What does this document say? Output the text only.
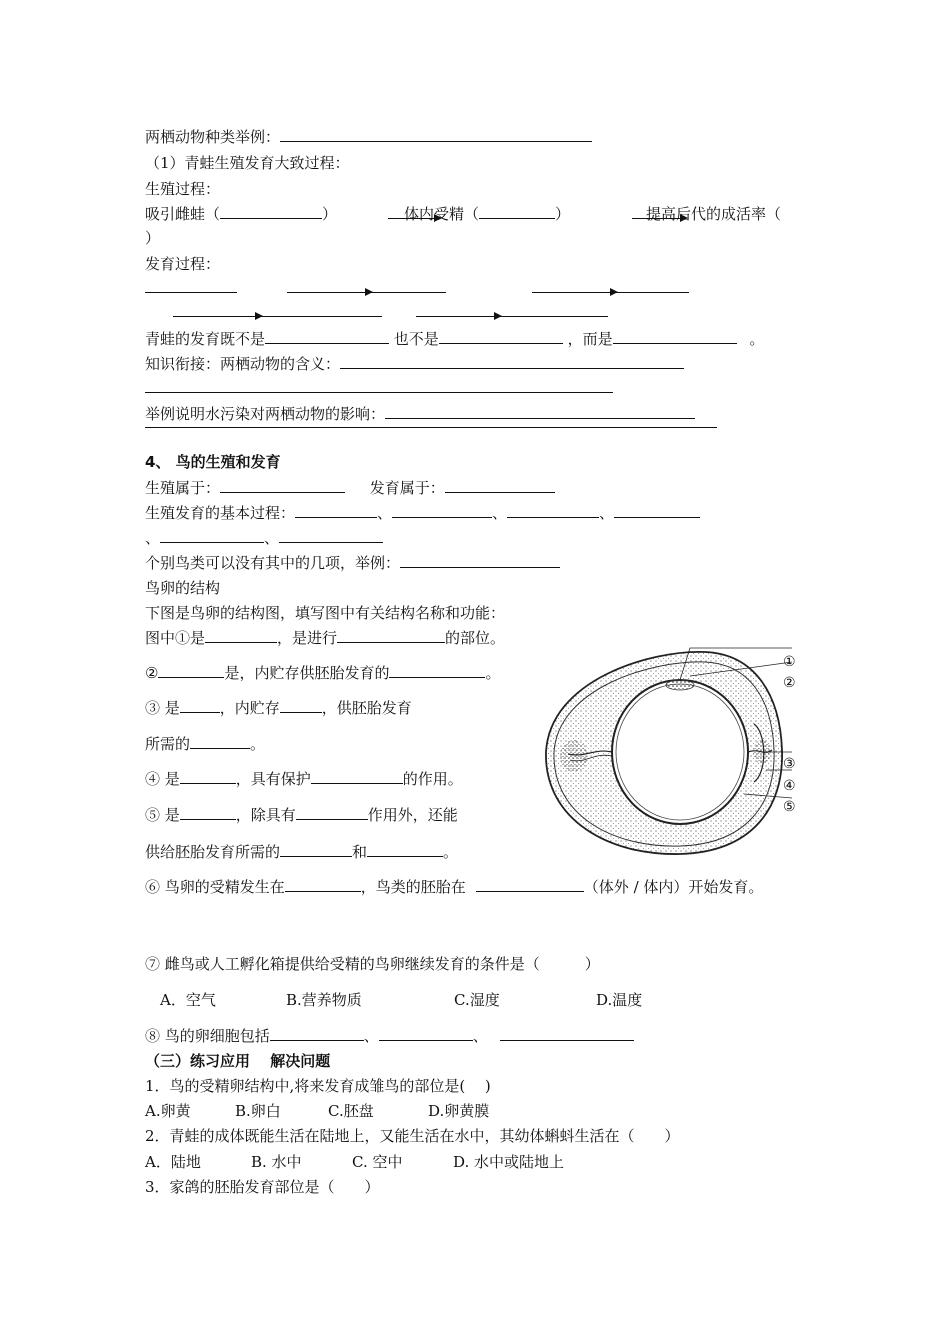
两栖动物种类举例：
（1）青蛙生殖发育大致过程：
生殖过程：
吸引雌蛙（	）	体内受精（	）	提高后代的成活率（
）
发育过程：
青蛙的发育既不是	也不是	，而是	。
知识衔接：两栖动物的含义：
举例说明水污染对两栖动物的影响：
4、 鸟的生殖和发育
生殖属于：	发育属于：
生殖发育的基本过程：	、	、	、
、	、
个别鸟类可以没有其中的几项，举例：
鸟卵的结构
下图是鸟卵的结构图，填写图中有关结构名称和功能：
图中①是	，是进行	的部位。
②	是，内贮存供胚胎发育的	。
③ 是	，内贮存	，供胚胎发育
所需的	。
④ 是	，具有保护	的作用。
⑤ 是	，除具有	作用外，还能
供给胚胎发育所需的	和	。
⑥ 鸟卵的受精发生在	，鸟类的胚胎在	（体外 / 体内）开始发育。
⑦ 雌鸟或人工孵化箱提供给受精的鸟卵继续发育的条件是（　　　）
A．空气	B.营养物质	C.湿度	D.温度
⑧ 鸟的卵细胞包括	、	、
①
②
③
④
⑤
（三）练习应用　 解决问题
1．鸟的受精卵结构中,将来发育成雏鸟的部位是(　 )
A.卵黄	B.卵白	C.胚盘	D.卵黄膜
2．青蛙的成体既能生活在陆地上，又能生活在水中，其幼体蝌蚪生活在（　　）
A．陆地	B. 水中	C. 空中	D. 水中或陆地上
3．家鸽的胚胎发育部位是（　　）
